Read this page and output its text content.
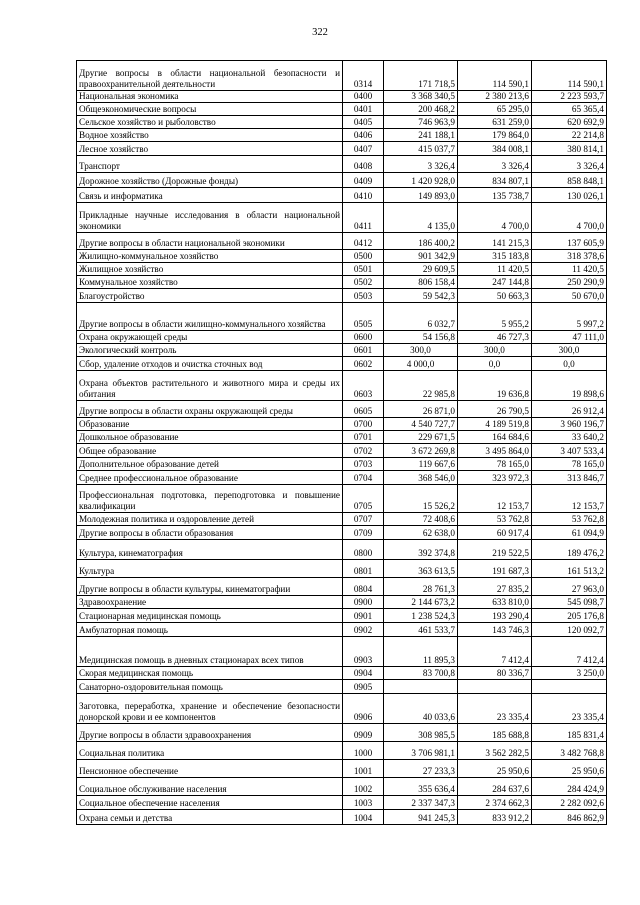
322
Другие вопросы в области национальной безопасности и правоохранительной деятельности	0314	171 718,5	114 590,1	114 590,1
Национальная экономика	0400	3 368 340,5	2 380 213,6	2 223 593,7
Общеэкономические вопросы	0401	200 468,2	65 295,0	65 365,4
Сельское хозяйство и рыболовство	0405	746 963,9	631 259,0	620 692,9
Водное хозяйство	0406	241 188,1	179 864,0	22 214,8
Лесное хозяйство	0407	415 037,7	384 008,1	380 814,1
Транспорт	0408	3 326,4	3 326,4	3 326,4
Дорожное хозяйство (Дорожные фонды)	0409	1 420 928,0	834 807,1	858 848,1
Связь и информатика	0410	149 893,0	135 738,7	130 026,1
Прикладные научные исследования в области национальной экономики	0411	4 135,0	4 700,0	4 700,0
Другие вопросы в области национальной экономики	0412	186 400,2	141 215,3	137 605,9
Жилищно-коммунальное хозяйство	0500	901 342,9	315 183,8	318 378,6
Жилищное хозяйство	0501	29 609,5	11 420,5	11 420,5
Коммунальное хозяйство	0502	806 158,4	247 144,8	250 290,9
Благоустройство	0503	59 542,3	50 663,3	50 670,0
Другие вопросы в области жилищно-коммунального хозяйства	0505	6 032,7	5 955,2	5 997,2
Охрана окружающей среды	0600	54 156,8	46 727,3	47 111,0
Экологический контроль	0601	300,0	300,0	300,0
Сбор, удаление отходов и очистка сточных вод	0602	4 000,0	0,0	0,0
Охрана объектов растительного и животного мира и среды их обитания	0603	22 985,8	19 636,8	19 898,6
Другие вопросы в области охраны окружающей среды	0605	26 871,0	26 790,5	26 912,4
Образование	0700	4 540 727,7	4 189 519,8	3 960 196,7
Дошкольное образование	0701	229 671,5	164 684,6	33 640,2
Общее образование	0702	3 672 269,8	3 495 864,0	3 407 533,4
Дополнительное образование детей	0703	119 667,6	78 165,0	78 165,0
Среднее профессиональное образование	0704	368 546,0	323 972,3	313 846,7
Профессиональная подготовка, переподготовка и повышение квалификации	0705	15 526,2	12 153,7	12 153,7
Молодежная политика и оздоровление детей	0707	72 408,6	53 762,8	53 762,8
Другие вопросы в области образования	0709	62 638,0	60 917,4	61 094,9
Культура, кинематография	0800	392 374,8	219 522,5	189 476,2
Культура	0801	363 613,5	191 687,3	161 513,2
Другие вопросы в области культуры, кинематографии	0804	28 761,3	27 835,2	27 963,0
Здравоохранение	0900	2 144 673,2	633 810,0	545 098,7
Стационарная медицинская помощь	0901	1 238 524,3	193 290,4	205 176,8
Амбулаторная помощь	0902	461 533,7	143 746,3	120 092,7
Медицинская помощь в дневных стационарах всех типов	0903	11 895,3	7 412,4	7 412,4
Скорая медицинская помощь	0904	83 700,8	80 336,7	3 250,0
Санаторно-оздоровительная помощь	0905			
Заготовка, переработка, хранение и обеспечение безопасности донорской крови и ее компонентов	0906	40 033,6	23 335,4	23 335,4
Другие вопросы в области здравоохранения	0909	308 985,5	185 688,8	185 831,4
Социальная политика	1000	3 706 981,1	3 562 282,5	3 482 768,8
Пенсионное обеспечение	1001	27 233,3	25 950,6	25 950,6
Социальное обслуживание населения	1002	355 636,4	284 637,6	284 424,9
Социальное обеспечение населения	1003	2 337 347,3	2 374 662,3	2 282 092,6
Охрана семьи и детства	1004	941 245,3	833 912,2	846 862,9
